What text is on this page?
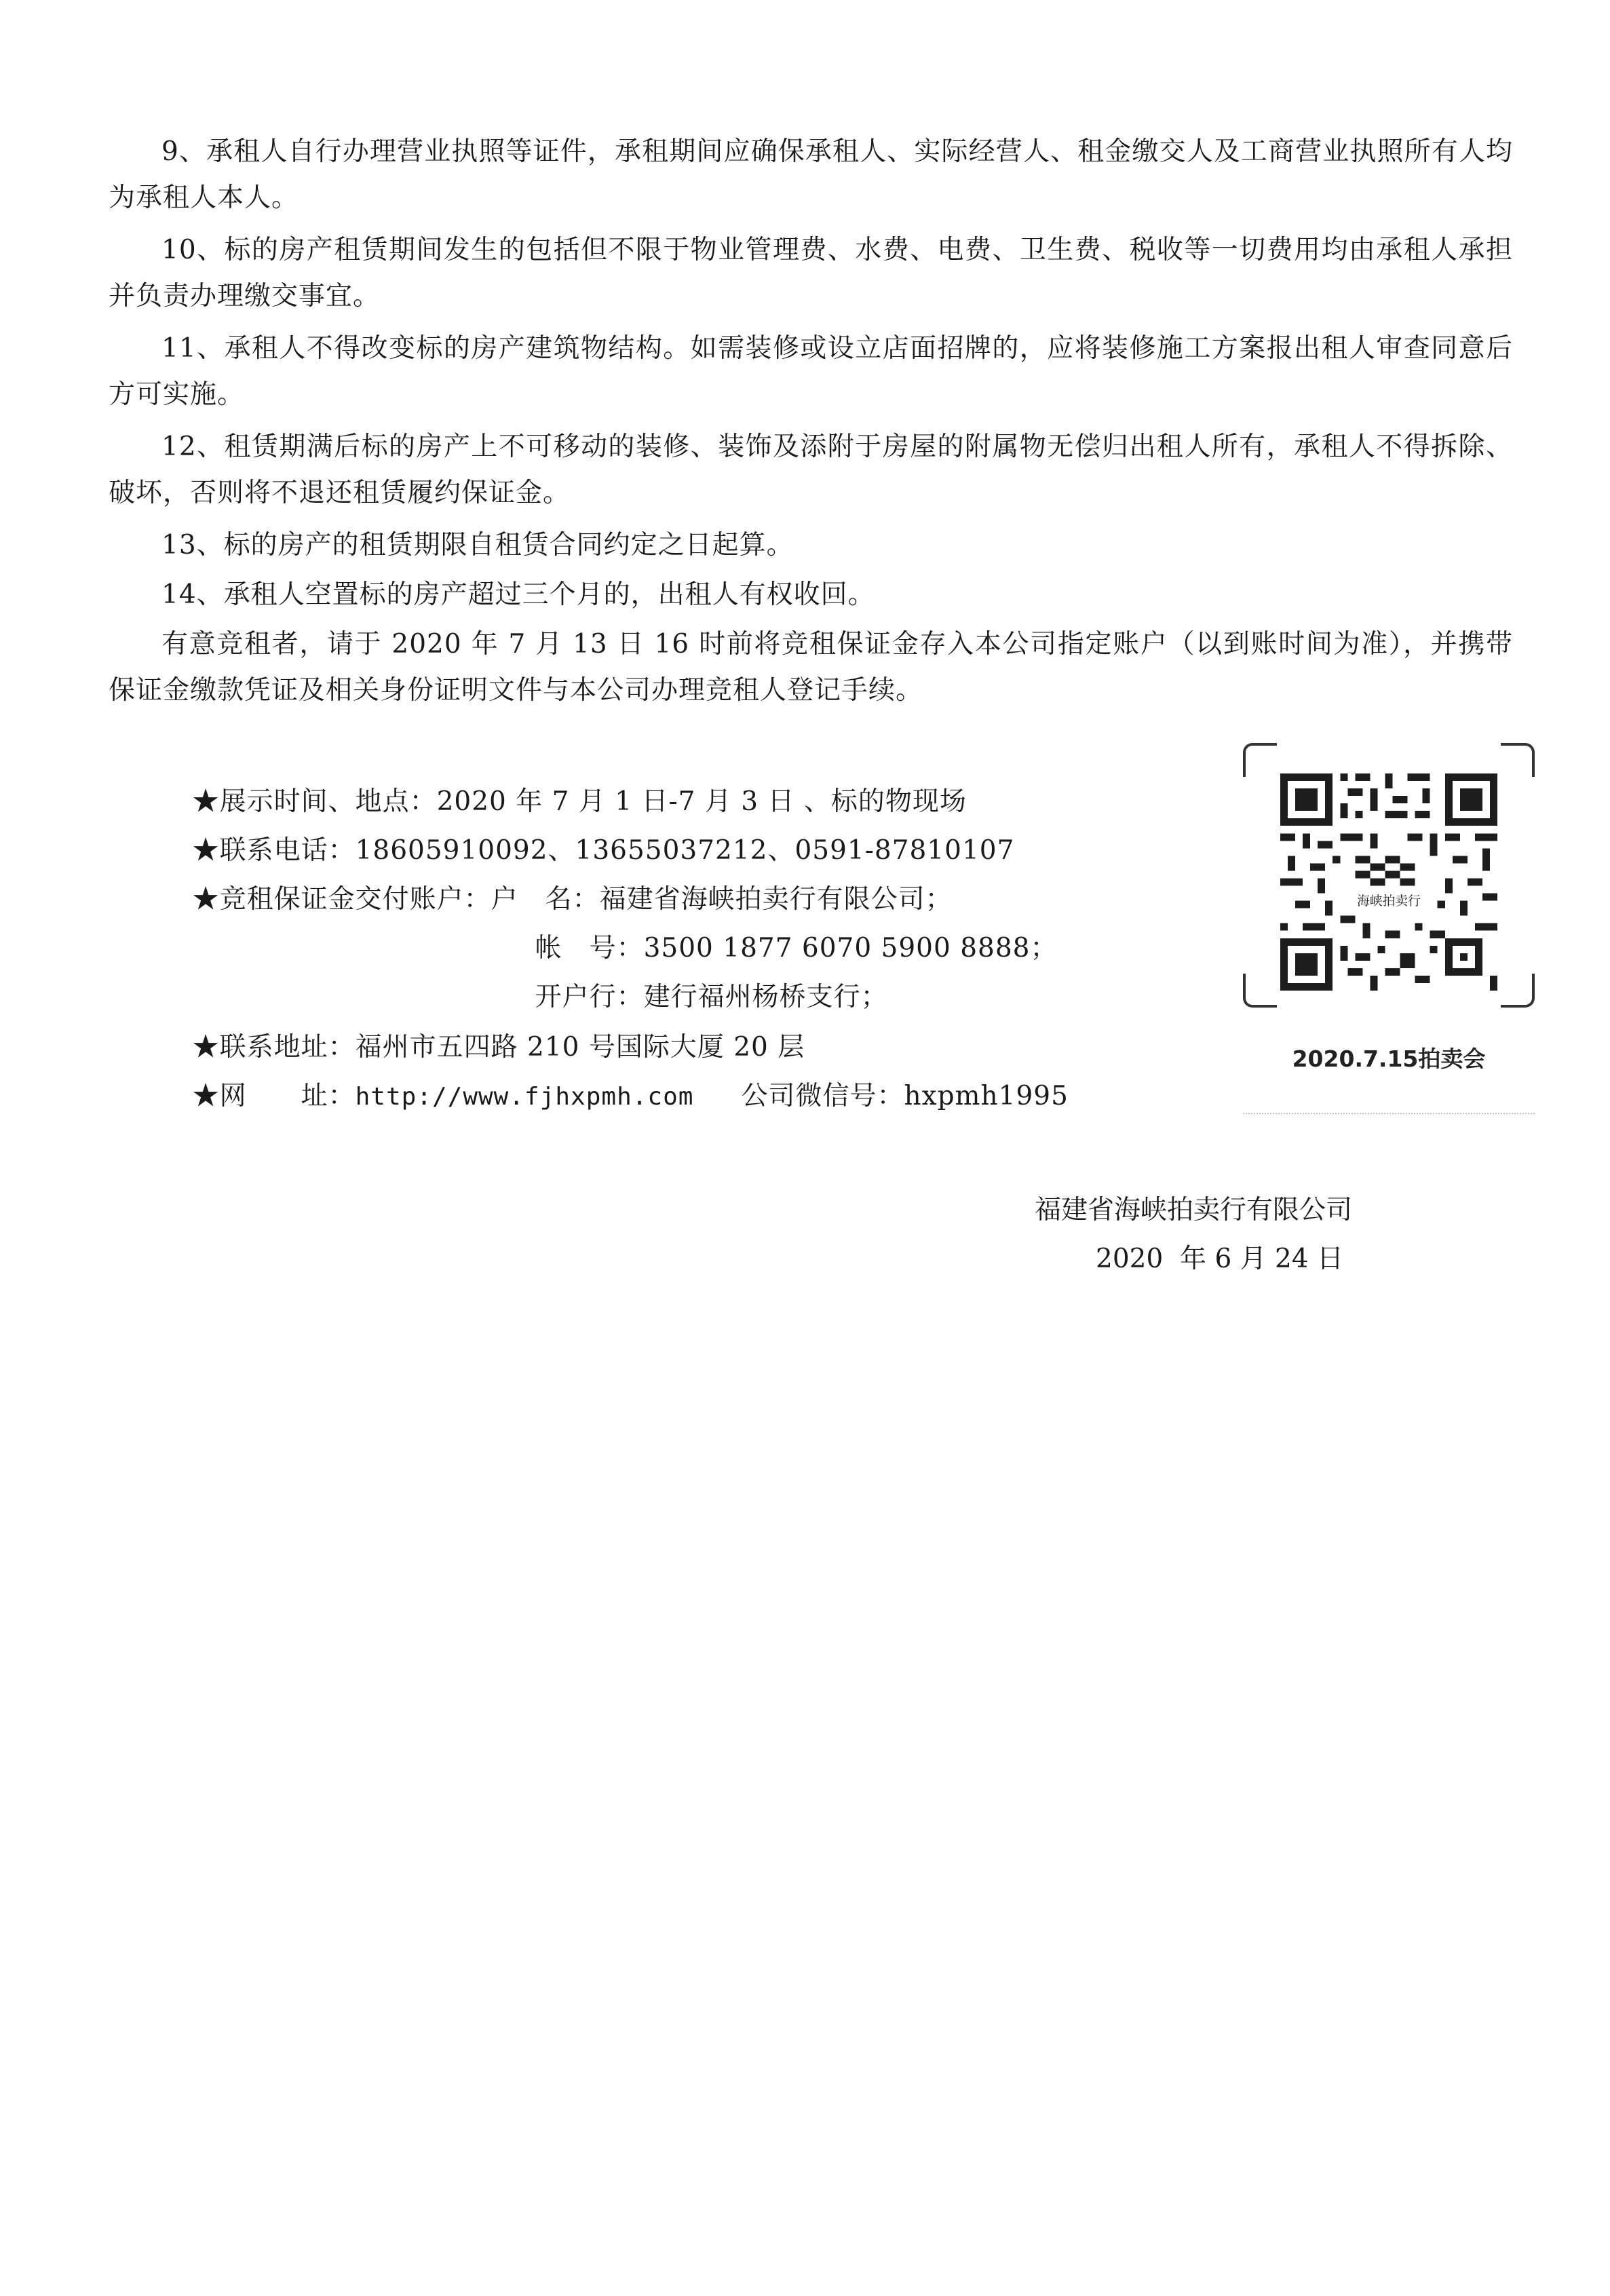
9、承租人自行办理营业执照等证件，承租期间应确保承租人、实际经营人、租金缴交人及工商营业执照所有人均为承租人本人。
10、标的房产租赁期间发生的包括但不限于物业管理费、水费、电费、卫生费、税收等一切费用均由承租人承担并负责办理缴交事宜。
11、承租人不得改变标的房产建筑物结构。如需装修或设立店面招牌的，应将装修施工方案报出租人审查同意后方可实施。
12、租赁期满后标的房产上不可移动的装修、装饰及添附于房屋的附属物无偿归出租人所有，承租人不得拆除、破坏，否则将不退还租赁履约保证金。
13、标的房产的租赁期限自租赁合同约定之日起算。
14、承租人空置标的房产超过三个月的，出租人有权收回。
有意竞租者，请于 2020 年 7 月 13 日 16 时前将竞租保证金存入本公司指定账户（以到账时间为准），并携带保证金缴款凭证及相关身份证明文件与本公司办理竞租人登记手续。

★展示时间、地点：2020 年 7 月 1 日-7 月 3 日 、标的物现场

★联系电话：18605910092、13655037212、0591-87810107

★竞租保证金交付账户：户　名：福建省海峡拍卖行有限公司；

帐　号：3500 1877 6070 5900 8888；

开户行：建行福州杨桥支行；

★联系地址：福州市五四路 210 号国际大厦 20 层

★网　　址：http://www.fjhxpmh.com 公司微信号：hxpmh1995

海峡拍卖行
2020.7.15拍卖会
福建省海峡拍卖行有限公司
2020  年 6 月 24 日
